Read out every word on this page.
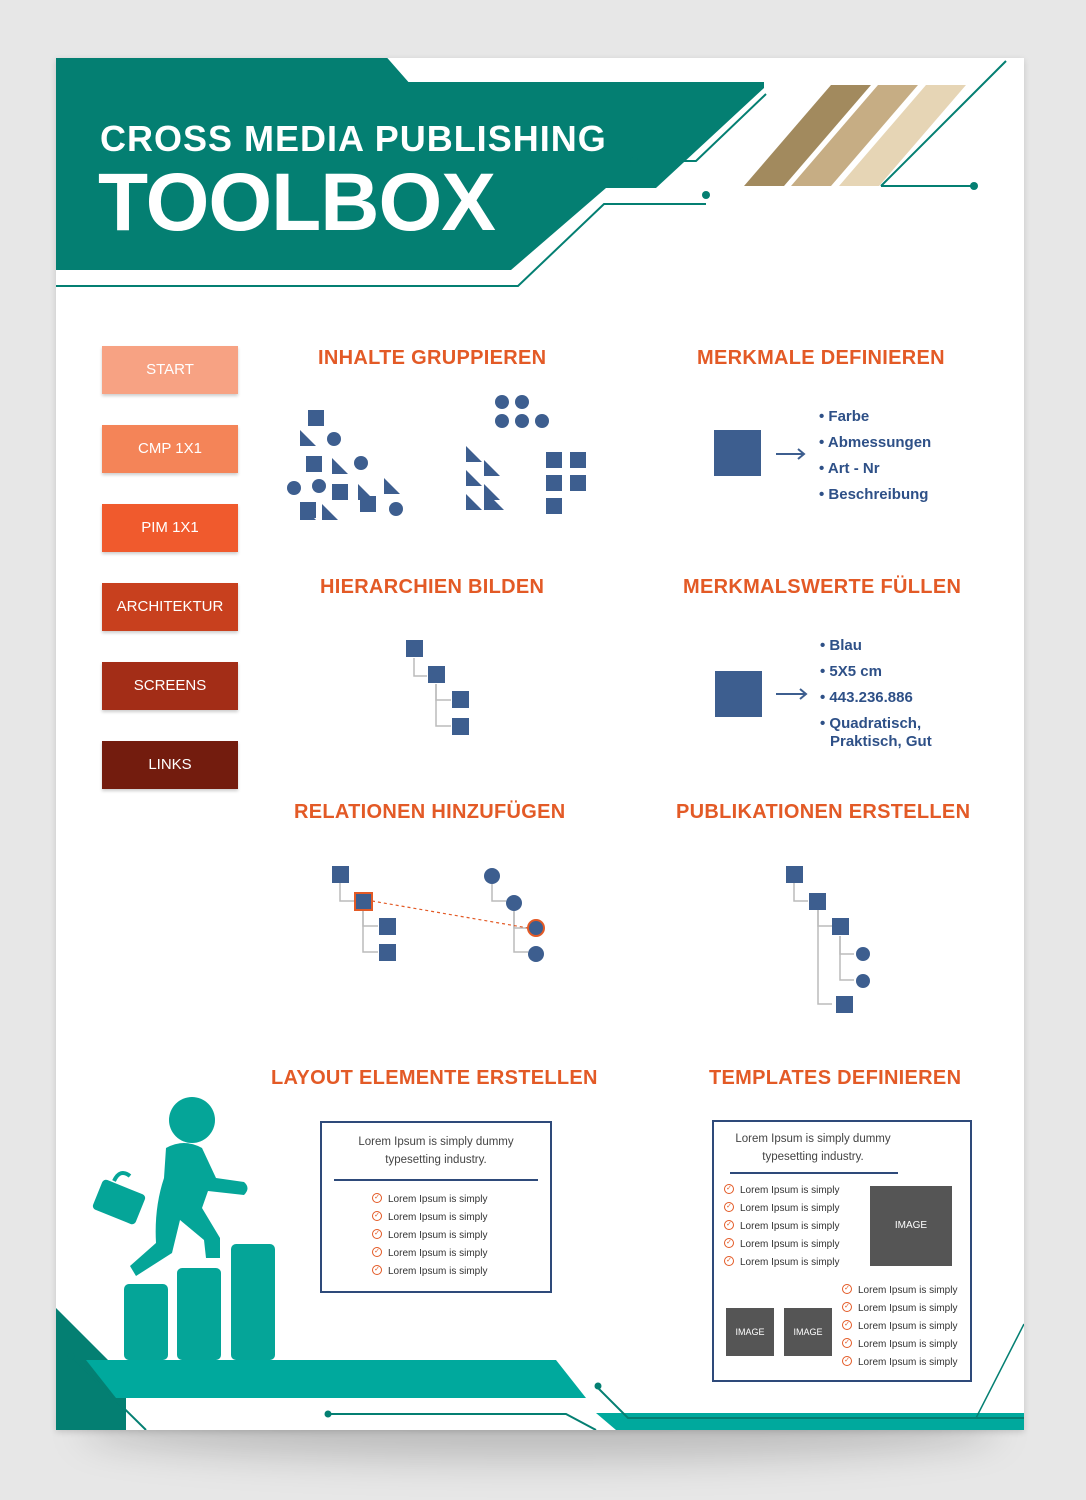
CROSS MEDIA PUBLISHING
TOOLBOX
START
CMP 1X1
PIM 1X1
ARCHITEKTUR
SCREENS
LINKS
INHALTE GRUPPIEREN	MERKMALE DEFINIEREN
HIERARCHIEN BILDEN	MERKMALSWERTE FÜLLEN
RELATIONEN HINZUFÜGEN	PUBLIKATIONEN ERSTELLEN
LAYOUT ELEMENTE ERSTELLEN	TEMPLATES DEFINIEREN
• Farbe
• Abmessungen
• Art - Nr
• Beschreibung
• Blau
• 5X5 cm
• 443.236.886
• Quadratisch,
Praktisch, Gut
Lorem Ipsum is simply dummy
typesetting industry.
✓ Lorem Ipsum is simply
✓ Lorem Ipsum is simply
✓ Lorem Ipsum is simply
✓ Lorem Ipsum is simply
✓ Lorem Ipsum is simply
Lorem Ipsum is simply dummy
typesetting industry.
✓ Lorem Ipsum is simply
✓ Lorem Ipsum is simply
✓ Lorem Ipsum is simply
✓ Lorem Ipsum is simply
✓ Lorem Ipsum is simply
IMAGE
IMAGE	IMAGE
✓ Lorem Ipsum is simply
✓ Lorem Ipsum is simply
✓ Lorem Ipsum is simply
✓ Lorem Ipsum is simply
✓ Lorem Ipsum is simply
